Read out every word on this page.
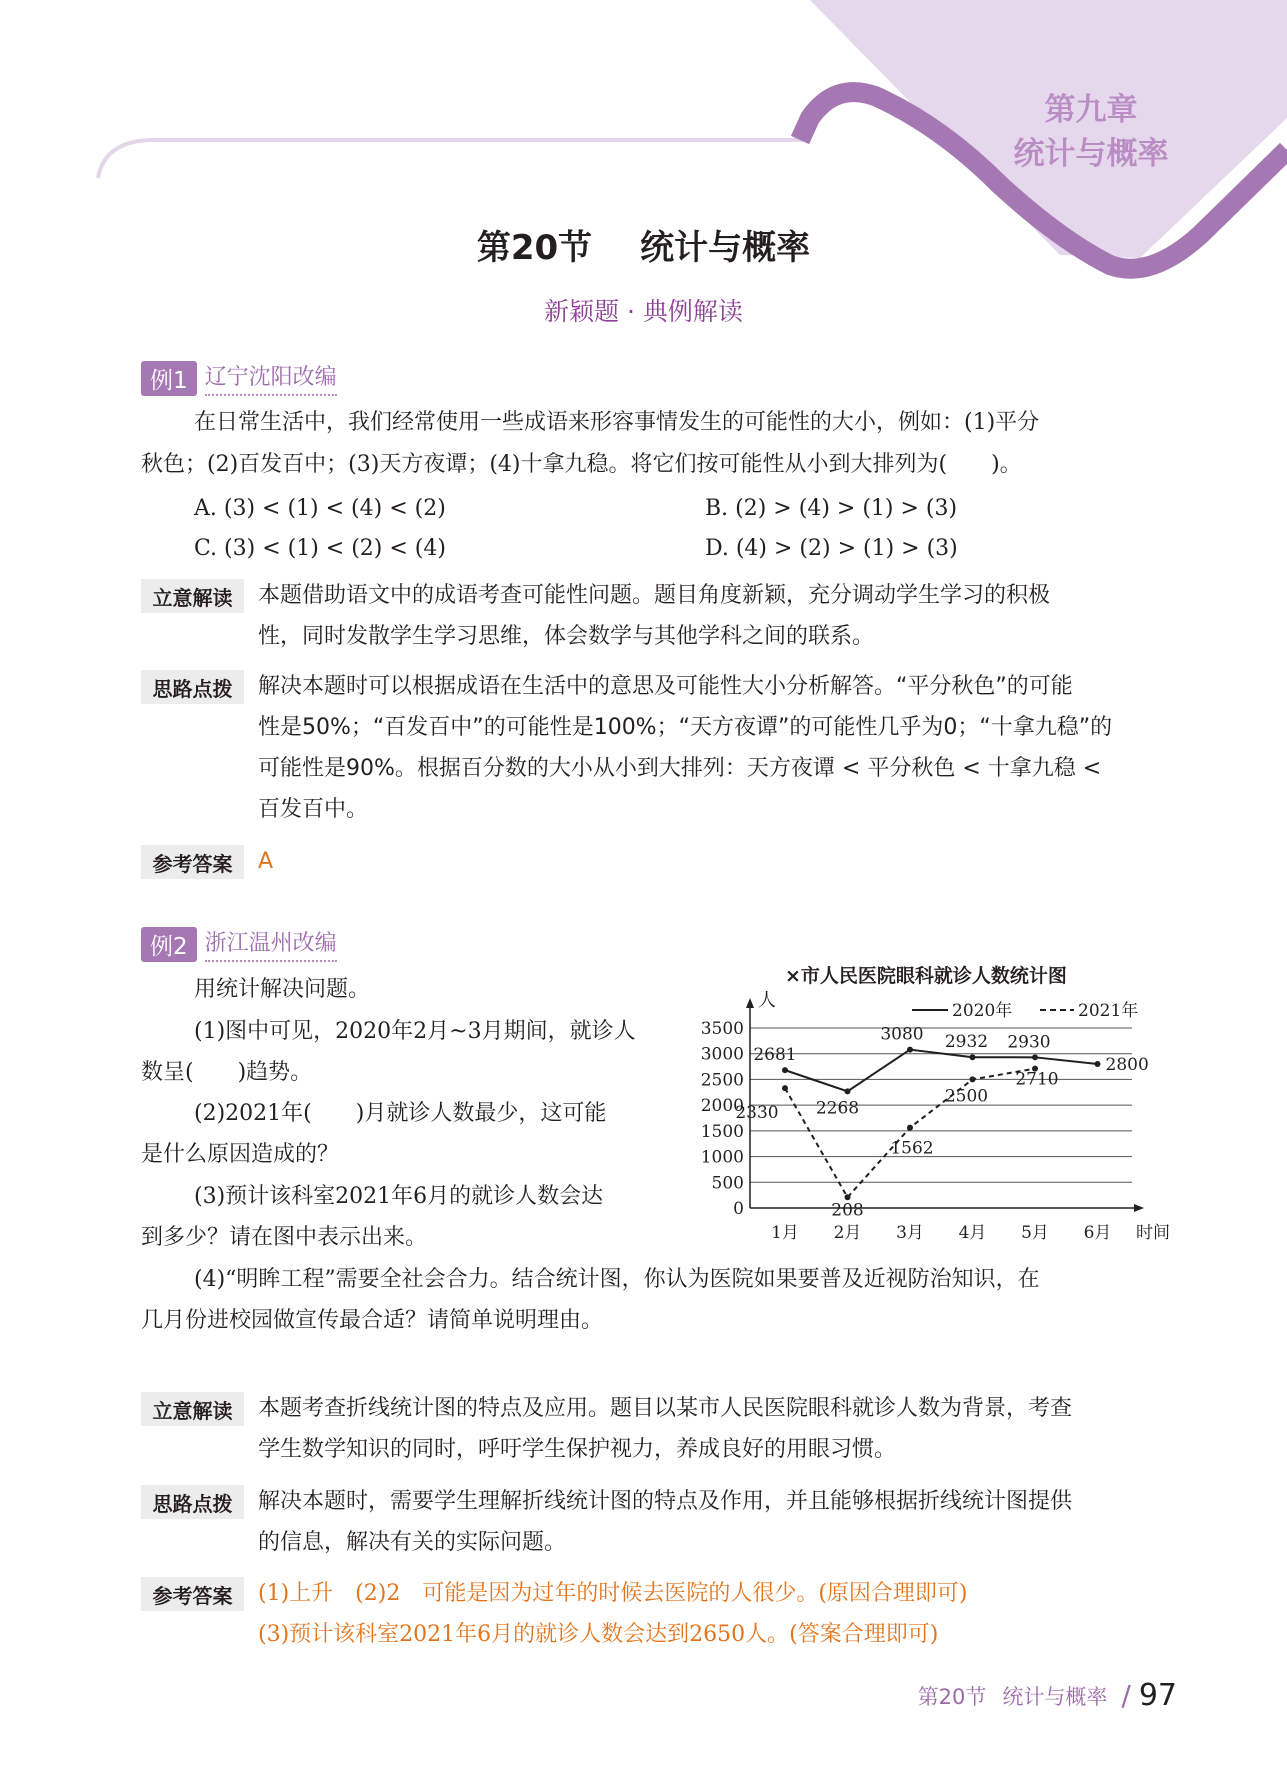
第九章
统计与概率
第20节 统计与概率
新颖题 · 典例解读
例1 辽宁沈阳改编
在日常生活中，我们经常使用一些成语来形容事情发生的可能性的大小，例如：(1)平分
秋色；(2)百发百中；(3)天方夜谭；(4)十拿九稳。将它们按可能性从小到大排列为(　　)。
A. (3) < (1) < (4) < (2)	B. (2) > (4) > (1) > (3)
C. (3) < (1) < (2) < (4)	D. (4) > (2) > (1) > (3)
立意解读	本题借助语文中的成语考查可能性问题。题目角度新颖，充分调动学生学习的积极
性，同时发散学生学习思维，体会数学与其他学科之间的联系。
思路点拨	解决本题时可以根据成语在生活中的意思及可能性大小分析解答。“平分秋色”的可能
性是50%；“百发百中”的可能性是100%；“天方夜谭”的可能性几乎为0；“十拿九稳”的
可能性是90%。根据百分数的大小从小到大排列：天方夜谭 < 平分秋色 < 十拿九稳 <
百发百中。
参考答案	A
例2 浙江温州改编
用统计解决问题。
(1)图中可见，2020年2月~3月期间，就诊人
数呈(　　)趋势。
(2)2021年(　　)月就诊人数最少，这可能
是什么原因造成的？
(3)预计该科室2021年6月的就诊人数会达
到多少？请在图中表示出来。
(4)“明眸工程”需要全社会合力。结合统计图，你认为医院如果要普及近视防治知识，在
几月份进校园做宣传最合适？请简单说明理由。
×市人民医院眼科就诊人数统计图
0
500
1000
1500
2000
2500
3000
3500
人
时间
1月 2月 3月 4月 5月 6月
2020年	2021年
2681
2268
3080 2932 2930
2800
2330
208
1562
2500
2710
立意解读	本题考查折线统计图的特点及应用。题目以某市人民医院眼科就诊人数为背景，考查
学生数学知识的同时，呼吁学生保护视力，养成良好的用眼习惯。
思路点拨	解决本题时，需要学生理解折线统计图的特点及作用，并且能够根据折线统计图提供
的信息，解决有关的实际问题。
参考答案	(1)上升　(2)2　可能是因为过年的时候去医院的人很少。(原因合理即可)
(3)预计该科室2021年6月的就诊人数会达到2650人。(答案合理即可)
第20节 统计与概率 / 97
